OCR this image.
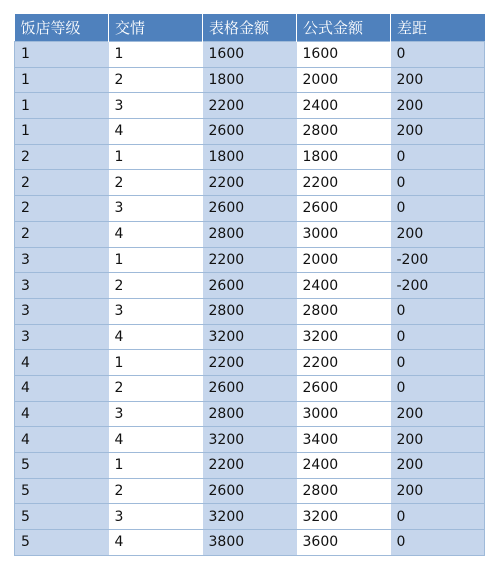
饭店等级	交情	表格金额	公式金额	差距
1	1	1600	1600	0
1	2	1800	2000	200
1	3	2200	2400	200
1	4	2600	2800	200
2	1	1800	1800	0
2	2	2200	2200	0
2	3	2600	2600	0
2	4	2800	3000	200
3	1	2200	2000	-200
3	2	2600	2400	-200
3	3	2800	2800	0
3	4	3200	3200	0
4	1	2200	2200	0
4	2	2600	2600	0
4	3	2800	3000	200
4	4	3200	3400	200
5	1	2200	2400	200
5	2	2600	2800	200
5	3	3200	3200	0
5	4	3800	3600	0
